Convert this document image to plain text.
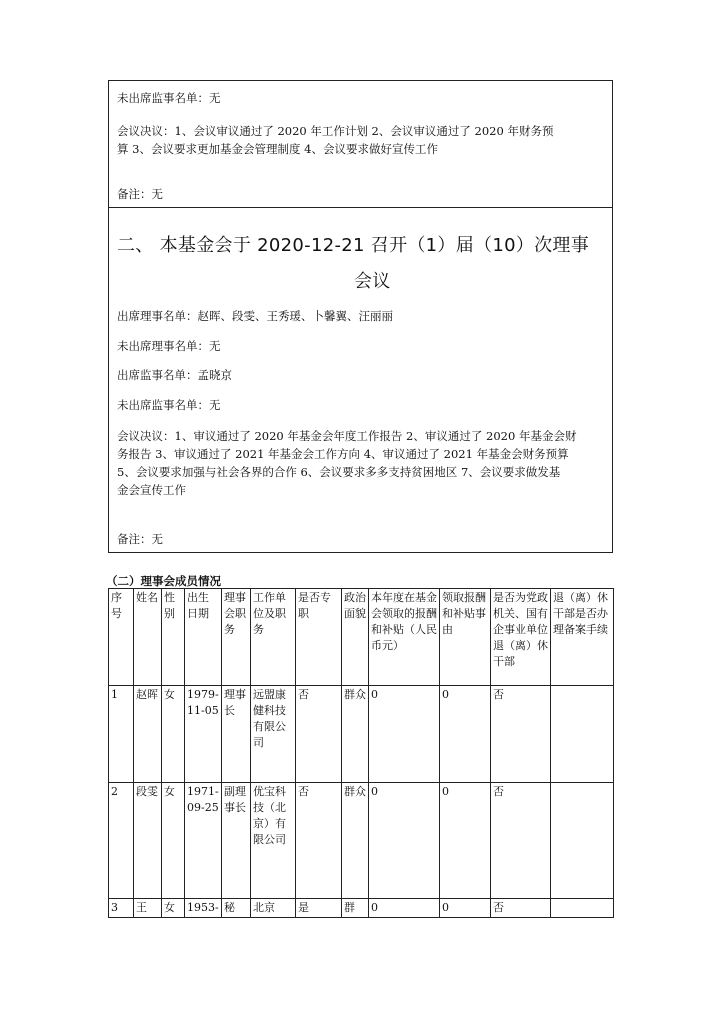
未出席监事名单：无
会议决议：1、会议审议通过了 2020 年工作计划 2、会议审议通过了 2020 年财务预
算 3、会议要求更加基金会管理制度 4、会议要求做好宣传工作
备注：无
二、 本基金会于 2020-12-21 召开（1）届（10）次理事
会议
出席理事名单：赵晖、段雯、王秀瑗、卜馨翼、汪丽丽
未出席理事名单：无
出席监事名单：孟晓京
未出席监事名单：无
会议决议：1、审议通过了 2020 年基金会年度工作报告 2、审议通过了 2020 年基金会财
务报告 3、审议通过了 2021 年基金会工作方向 4、审议通过了 2021 年基金会财务预算
5、会议要求加强与社会各界的合作 6、会议要求多多支持贫困地区 7、会议要求做发基
金会宣传工作
备注：无
（二）理事会成员情况
序号	姓名	性别	出生日期	理事会职务	工作单位及职务	是否专职	政治面貌	本年度在基金会领取的报酬和补贴（人民币元）	领取报酬和补贴事由	是否为党政机关、国有企事业单位退（离）休干部	退（离）休干部是否办理备案手续
1	赵晖	女	1979-11-05	理事长	远盟康健科技有限公司	否	群众	0	0	否	
2	段雯	女	1971-09-25	副理事长	优宝科技（北京）有限公司	否	群众	0	0	否	
3	王	女	1953-	秘	北京	是	群	0	0	否	
